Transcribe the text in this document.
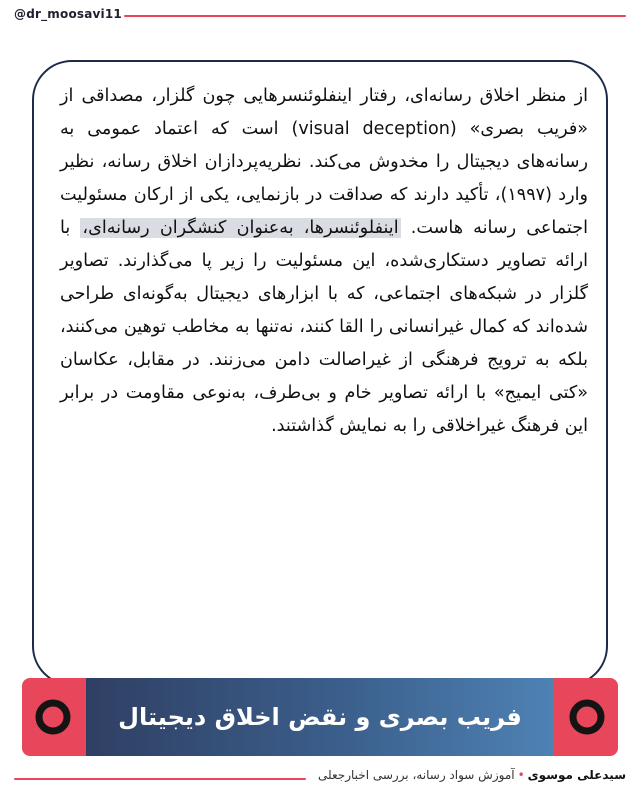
@dr_moosavi11

از منظر اخلاق رسانه‌ای، رفتار اینفلوئنسرهایی چون گلزار، مصداقی از «فریب بصری» (visual deception) است که اعتماد عمومی به رسانه‌های دیجیتال را مخدوش می‌کند. نظریه‌پردازان اخلاق رسانه، نظیر وارد (۱۹۹۷)، تأکید دارند که صداقت در بازنمایی، یکی از ارکان مسئولیت اجتماعی رسانه هاست. اینفلوئنسرها، به‌عنوان کنشگران رسانه‌ای، با ارائه تصاویر دستکاری‌شده، این مسئولیت را زیر پا می‌گذارند. تصاویر گلزار در شبکه‌های اجتماعی، که با ابزارهای دیجیتال به‌گونه‌ای طراحی شده‌اند که کمال غیرانسانی را القا کنند، نه‌تنها به مخاطب توهین می‌کنند، بلکه به ترویج فرهنگی از غیراصالت دامن می‌زنند. در مقابل، عکاسان «کتی ایمیج» با ارائه تصاویر خام و بی‌طرف، به‌نوعی مقاومت در برابر این فرهنگ غیراخلاقی را به نمایش گذاشتند.

فریب بصری و نقض اخلاق دیجیتال
سیدعلی موسوی•آموزش سواد رسانه، بررسی اخبارجعلی
